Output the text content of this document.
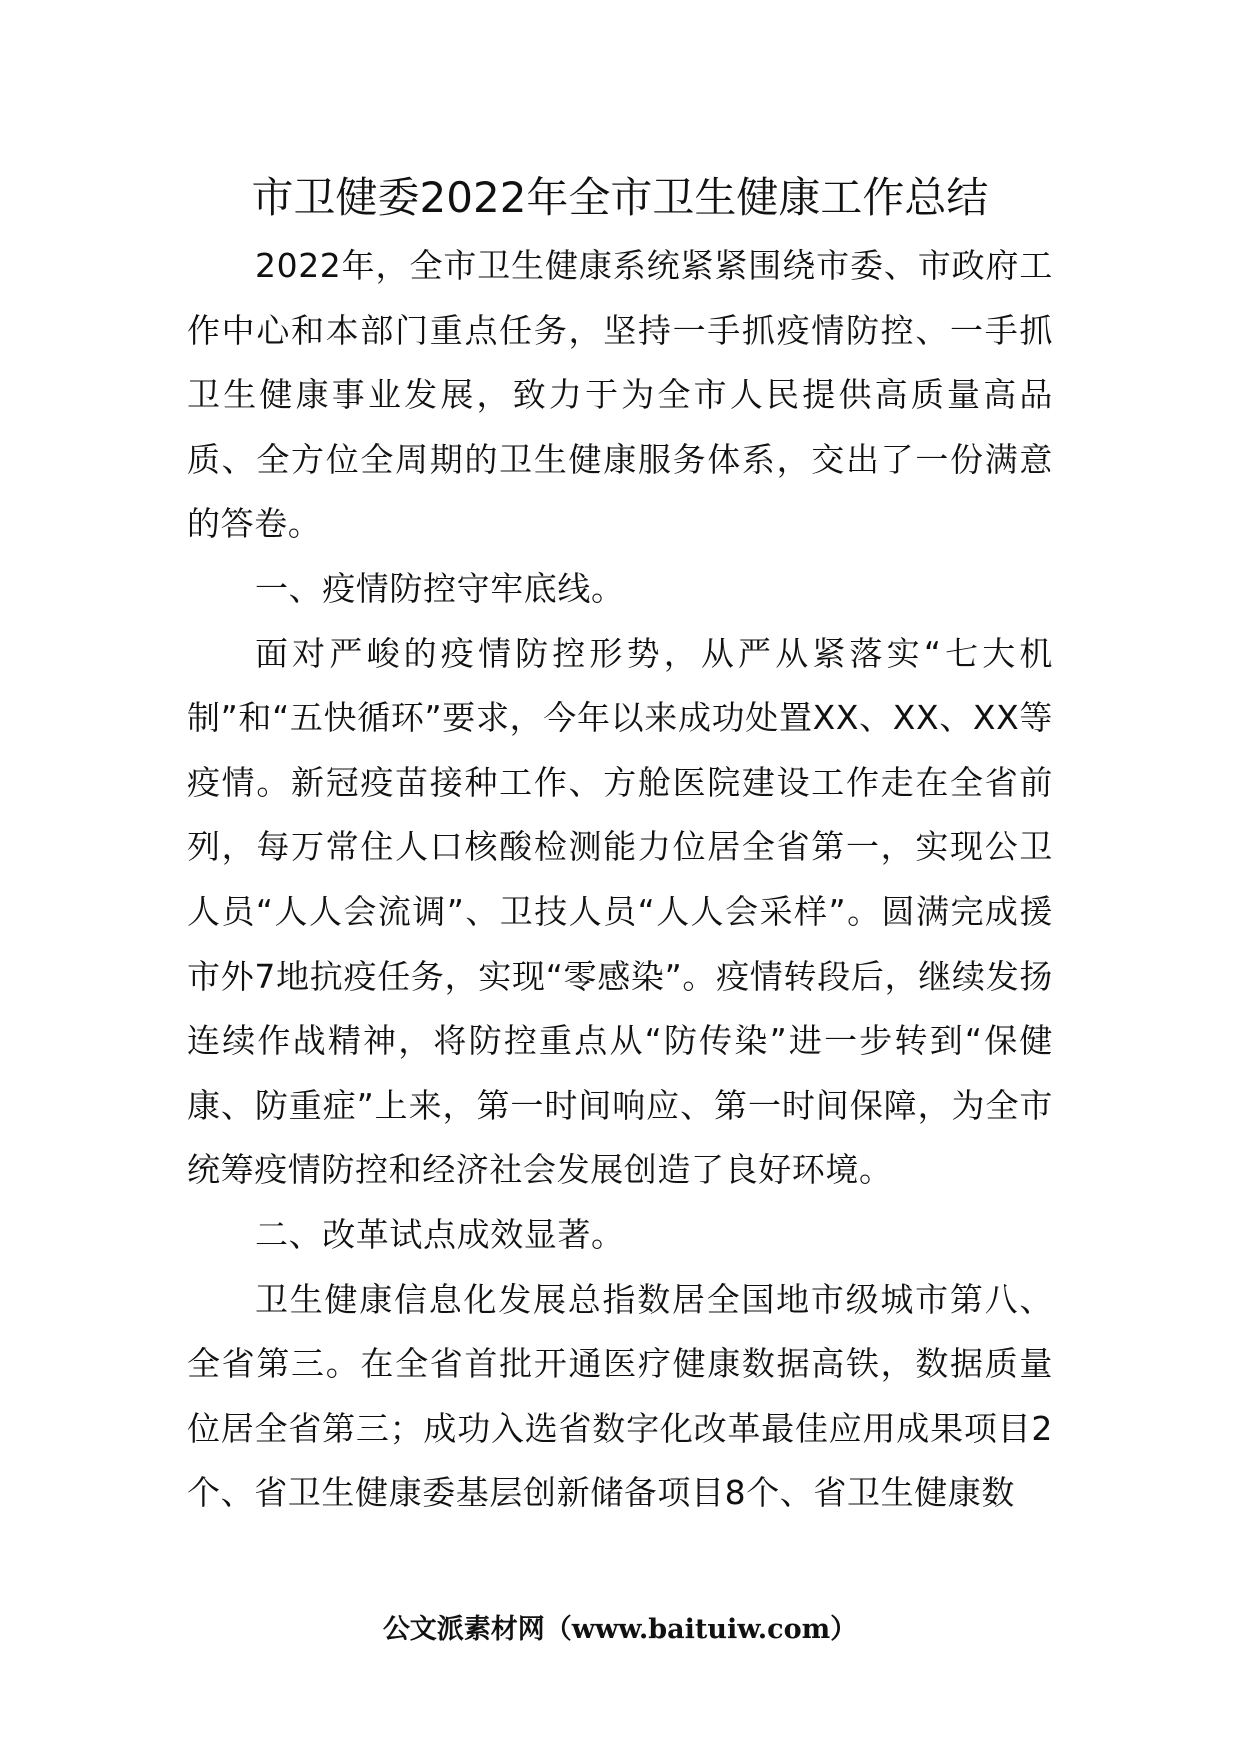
市卫健委2022年全市卫生健康工作总结

2022年，全市卫生健康系统紧紧围绕市委、市政府工作中心和本部门重点任务，坚持一手抓疫情防控、一手抓卫生健康事业发展，致力于为全市人民提供高质量高品质、全方位全周期的卫生健康服务体系，交出了一份满意的答卷。

一、疫情防控守牢底线。

面对严峻的疫情防控形势，从严从紧落实“七大机制”和“五快循环”要求，今年以来成功处置XX、XX、XX等疫情。新冠疫苗接种工作、方舱医院建设工作走在全省前列，每万常住人口核酸检测能力位居全省第一，实现公卫人员“人人会流调”、卫技人员“人人会采样”。圆满完成援市外7地抗疫任务，实现“零感染”。疫情转段后，继续发扬连续作战精神，将防控重点从“防传染”进一步转到“保健康、防重症”上来，第一时间响应、第一时间保障，为全市统筹疫情防控和经济社会发展创造了良好环境。

二、改革试点成效显著。

卫生健康信息化发展总指数居全国地市级城市第八、全省第三。在全省首批开通医疗健康数据高铁，数据质量位居全省第三；成功入选省数字化改革最佳应用成果项目2个、省卫生健康委基层创新储备项目8个、省卫生健康数

公文派素材网（www.baituiw.com）
